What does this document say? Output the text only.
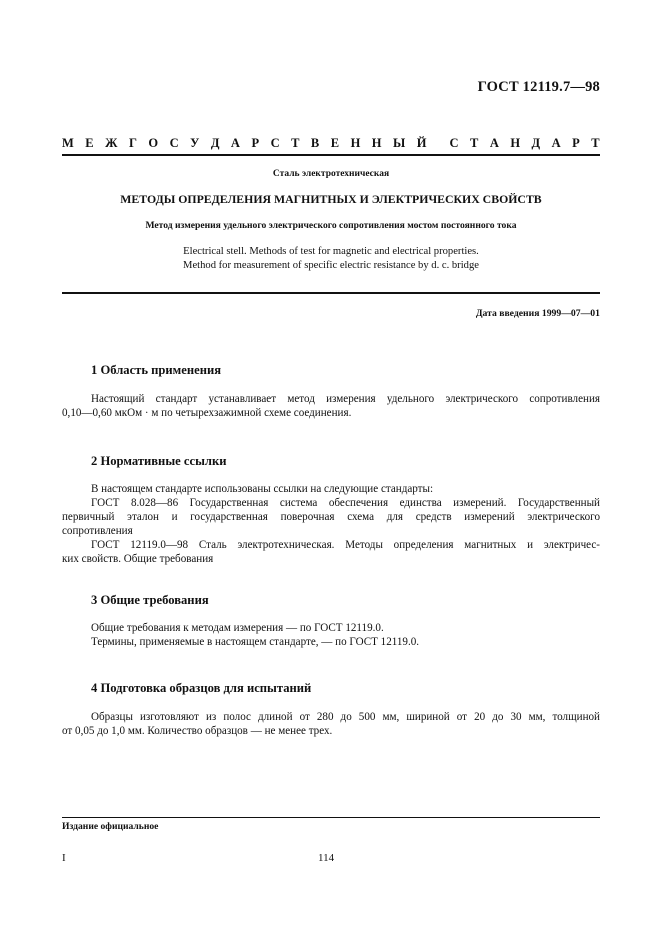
ГОСТ 12119.7—98
М Е Ж Г О С У Д А Р С Т В Е Н Н Ы Й С Т А Н Д А Р Т
Сталь электротехническая
МЕТОДЫ ОПРЕДЕЛЕНИЯ МАГНИТНЫХ И ЭЛЕКТРИЧЕСКИХ СВОЙСТВ
Метод измерения удельного электрического сопротивления мостом постоянного тока
Electrical stell. Methods of test for magnetic and electrical properties.
Method for measurement of specific electric resistance by d. c. bridge
Дата введения 1999—07—01
1 Область применения
Настоящий стандарт устанавливает метод измерения удельного электрического сопротивления
0,10—0,60 мкОм · м по четырехзажимной схеме соединения.
2 Нормативные ссылки
В настоящем стандарте использованы ссылки на следующие стандарты:
ГОСТ 8.028—86 Государственная система обеспечения единства измерений. Государственный
первичный эталон и государственная поверочная схема для средств измерений электрического
сопротивления
ГОСТ 12119.0—98 Сталь электротехническая. Методы определения магнитных и электричес-
ких свойств. Общие требования
3 Общие требования
Общие требования к методам измерения — по ГОСТ 12119.0.
Термины, применяемые в настоящем стандарте, — по ГОСТ 12119.0.
4 Подготовка образцов для испытаний
Образцы изготовляют из полос длиной от 280 до 500 мм, шириной от 20 до 30 мм, толщиной
от 0,05 до 1,0 мм. Количество образцов — не менее трех.
Издание официальное
I	114
